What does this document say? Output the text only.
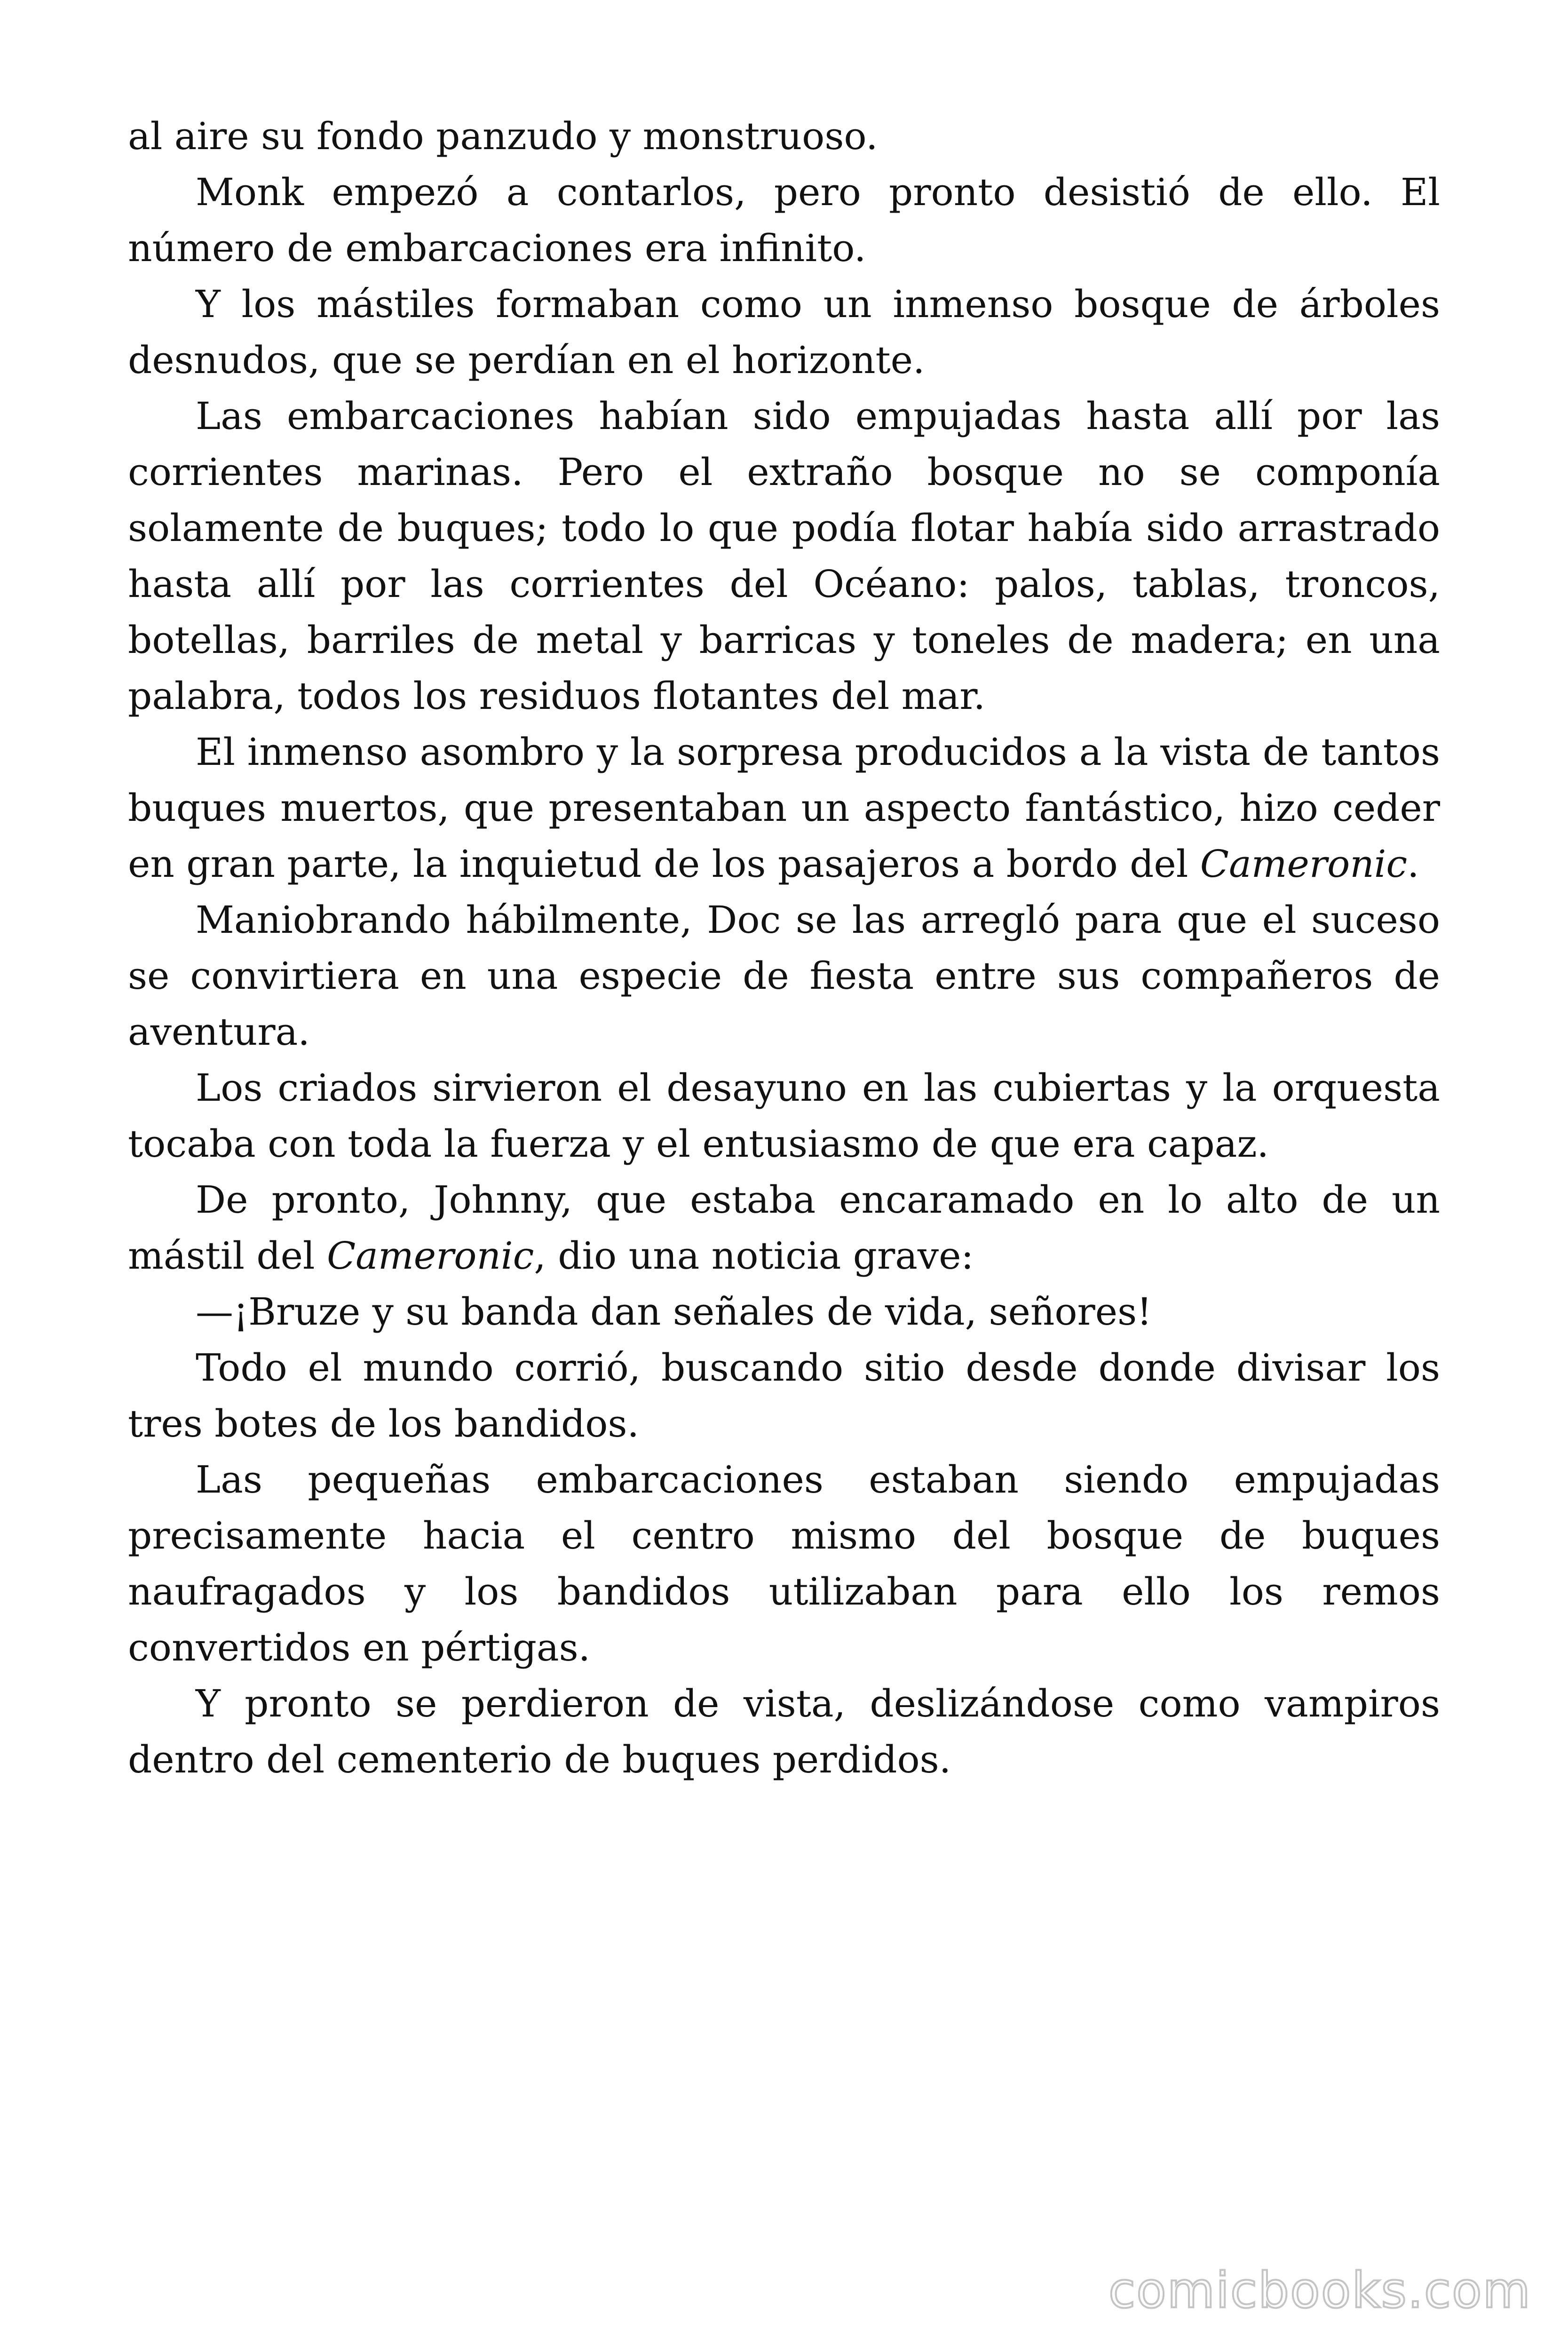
al aire su fondo panzudo y monstruoso.

Monk empezó a contarlos, pero pronto desistió de ello. El número de embarcaciones era infinito.

Y los mástiles formaban como un inmenso bosque de árboles desnudos, que se perdían en el horizonte.

Las embarcaciones habían sido empujadas hasta allí por las corrientes marinas. Pero el extraño bosque no se componía solamente de buques; todo lo que podía flotar había sido arrastrado hasta allí por las corrientes del Océano: palos, tablas, troncos, botellas, barriles de metal y barricas y toneles de madera; en una palabra, todos los residuos flotantes del mar.

El inmenso asombro y la sorpresa producidos a la vista de tantos buques muertos, que presentaban un aspecto fantástico, hizo ceder en gran parte, la inquietud de los pasajeros a bordo del Cameronic.

Maniobrando hábilmente, Doc se las arregló para que el suceso se convirtiera en una especie de fiesta entre sus compañeros de aventura.

Los criados sirvieron el desayuno en las cubiertas y la orquesta tocaba con toda la fuerza y el entusiasmo de que era capaz.

De pronto, Johnny, que estaba encaramado en lo alto de un mástil del Cameronic, dio una noticia grave:

—¡Bruze y su banda dan señales de vida, señores!

Todo el mundo corrió, buscando sitio desde donde divisar los tres botes de los bandidos.

Las pequeñas embarcaciones estaban siendo empujadas precisamente hacia el centro mismo del bosque de buques naufragados y los bandidos utilizaban para ello los remos convertidos en pértigas.

Y pronto se perdieron de vista, deslizándose como vampiros dentro del cementerio de buques perdidos.

comicbooks.com
